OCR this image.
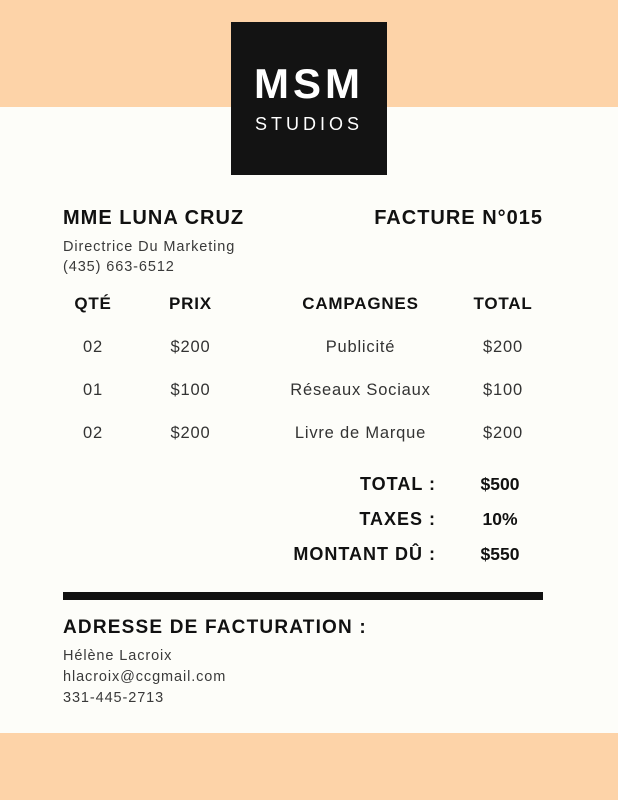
MSM
STUDIOS
MME LUNA CRUZ
Directrice Du Marketing
(435) 663-6512
FACTURE N°015
QTÉ	PRIX	CAMPAGNES	TOTAL
02	$200	Publicité	$200
01	$100	Réseaux Sociaux	$100
02	$200	Livre de Marque	$200
TOTAL :	$500
TAXES :	10%
MONTANT DÛ :	$550
ADRESSE DE FACTURATION :
Hélène Lacroix
hlacroix@ccgmail.com
331-445-2713
